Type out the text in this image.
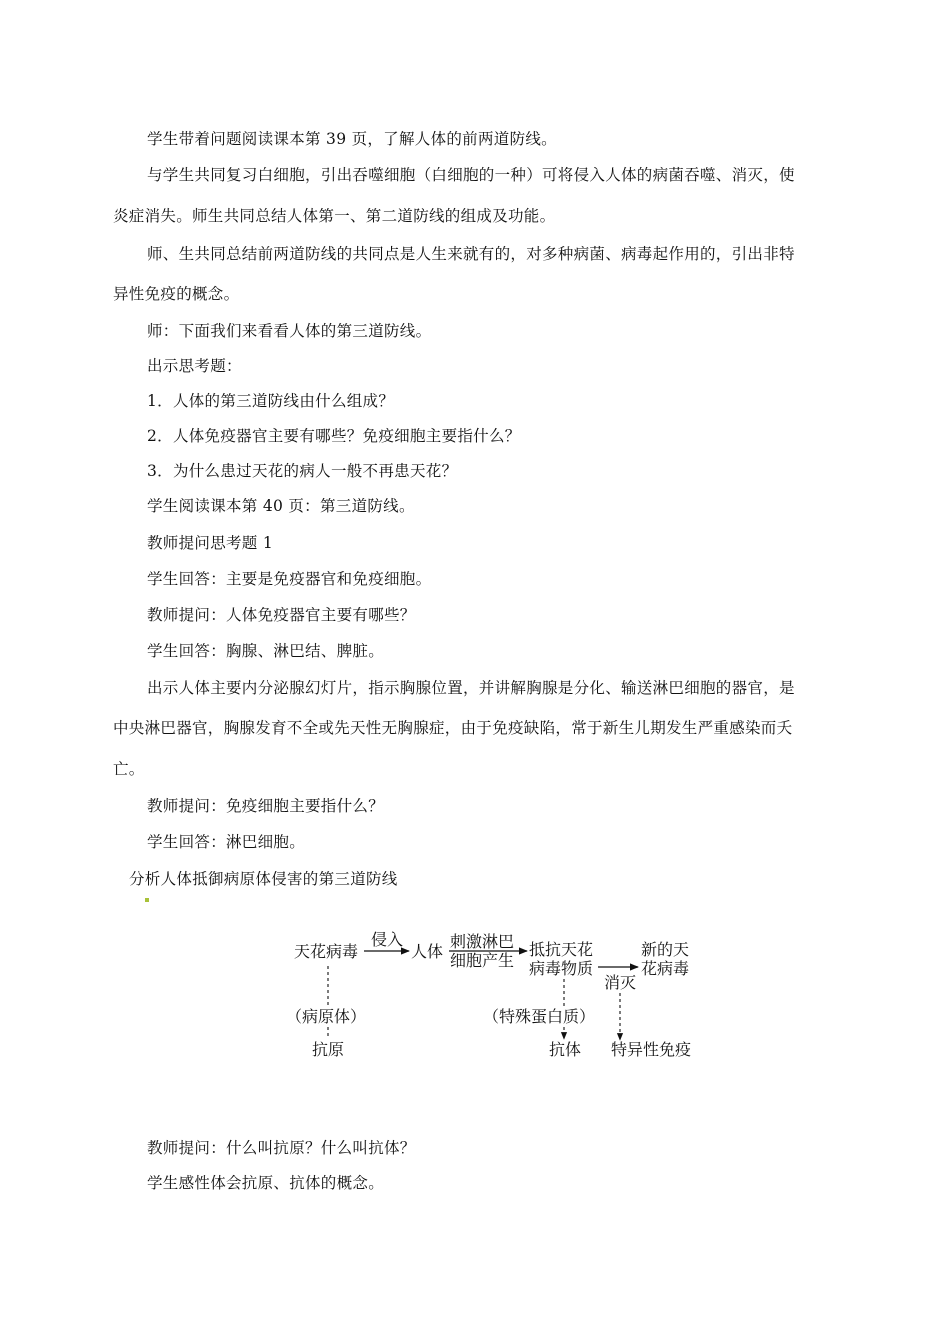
学生带着问题阅读课本第 39 页，了解人体的前两道防线。
与学生共同复习白细胞，引出吞噬细胞（白细胞的一种）可将侵入人体的病菌吞噬、消灭，使
炎症消失。师生共同总结人体第一、第二道防线的组成及功能。
师、生共同总结前两道防线的共同点是人生来就有的，对多种病菌、病毒起作用的，引出非特
异性免疫的概念。
师：下面我们来看看人体的第三道防线。
出示思考题：
1．人体的第三道防线由什么组成？
2．人体免疫器官主要有哪些？免疫细胞主要指什么？
3．为什么患过天花的病人一般不再患天花？
学生阅读课本第 40 页：第三道防线。
教师提问思考题 1
学生回答：主要是免疫器官和免疫细胞。
教师提问：人体免疫器官主要有哪些？
学生回答：胸腺、淋巴结、脾脏。
出示人体主要内分泌腺幻灯片，指示胸腺位置，并讲解胸腺是分化、输送淋巴细胞的器官，是
中央淋巴器官，胸腺发育不全或先天性无胸腺症，由于免疫缺陷，常于新生儿期发生严重感染而夭
亡。
教师提问：免疫细胞主要指什么？
学生回答：淋巴细胞。
分析人体抵御病原体侵害的第三道防线
天花病毒
侵入
人体
刺激淋巴
细胞产生
抵抗天花
病毒物质
消灭
新的天
花病毒
（病原体）
抗原
（特殊蛋白质）
抗体 特异性免疫
教师提问：什么叫抗原？什么叫抗体？
学生感性体会抗原、抗体的概念。
